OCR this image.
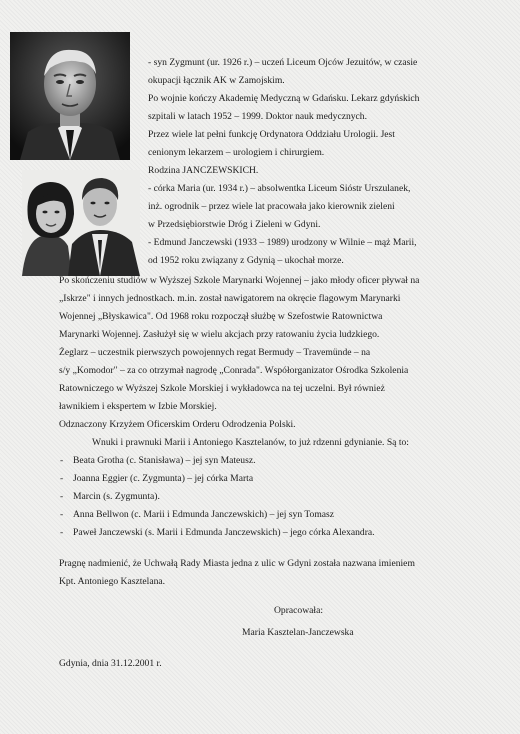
- syn Zygmunt (ur. 1926 r.) – uczeń Liceum Ojców Jezuitów, w czasie
okupacji łącznik AK w Zamojskim.
Po wojnie kończy Akademię Medyczną w Gdańsku. Lekarz gdyńskich
szpitali w latach 1952 – 1999. Doktor nauk medycznych.
Przez wiele lat pełni funkcję Ordynatora Oddziału Urologii. Jest
cenionym lekarzem – urologiem i chirurgiem.
Rodzina JANCZEWSKICH.
- córka Maria (ur. 1934 r.) – absolwentka Liceum Sióstr Urszulanek,
inż. ogrodnik – przez wiele lat pracowała jako kierownik zieleni
w Przedsiębiorstwie Dróg i Zieleni w Gdyni.
- Edmund Janczewski (1933 – 1989) urodzony w Wilnie – mąż Marii,
od 1952 roku związany z Gdynią – ukochał morze.
Po skończeniu studiów w Wyższej Szkole Marynarki Wojennej – jako młody oficer pływał na
„Iskrze" i innych jednostkach. m.in. został nawigatorem na okręcie flagowym Marynarki
Wojennej „Błyskawica". Od 1968 roku rozpoczął służbę w Szefostwie Ratownictwa
Marynarki Wojennej. Zasłużył się w wielu akcjach przy ratowaniu życia ludzkiego.
Żeglarz – uczestnik pierwszych powojennych regat Bermudy – Travemünde – na
s/y „Komodor" – za co otrzymał nagrodę „Conrada". Współorganizator Ośrodka Szkolenia
Ratowniczego w Wyższej Szkole Morskiej i wykładowca na tej uczelni. Był również
ławnikiem i ekspertem w Izbie Morskiej.
Odznaczony Krzyżem Oficerskim Orderu Odrodzenia Polski.
Wnuki i prawnuki Marii i Antoniego Kasztelanów, to już rdzenni gdynianie. Są to:
- Beata Grotha (c. Stanisława) – jej syn Mateusz.
- Joanna Eggier (c. Zygmunta) – jej córka Marta
- Marcin (s. Zygmunta).
- Anna Bellwon (c. Marii i Edmunda Janczewskich) – jej syn Tomasz
- Paweł Janczewski (s. Marii i Edmunda Janczewskich) – jego córka Alexandra.
Pragnę nadmienić, że Uchwałą Rady Miasta jedna z ulic w Gdyni została nazwana imieniem
Kpt. Antoniego Kasztelana.
Opracowała:
Maria Kasztelan-Janczewska
Gdynia, dnia 31.12.2001 r.
